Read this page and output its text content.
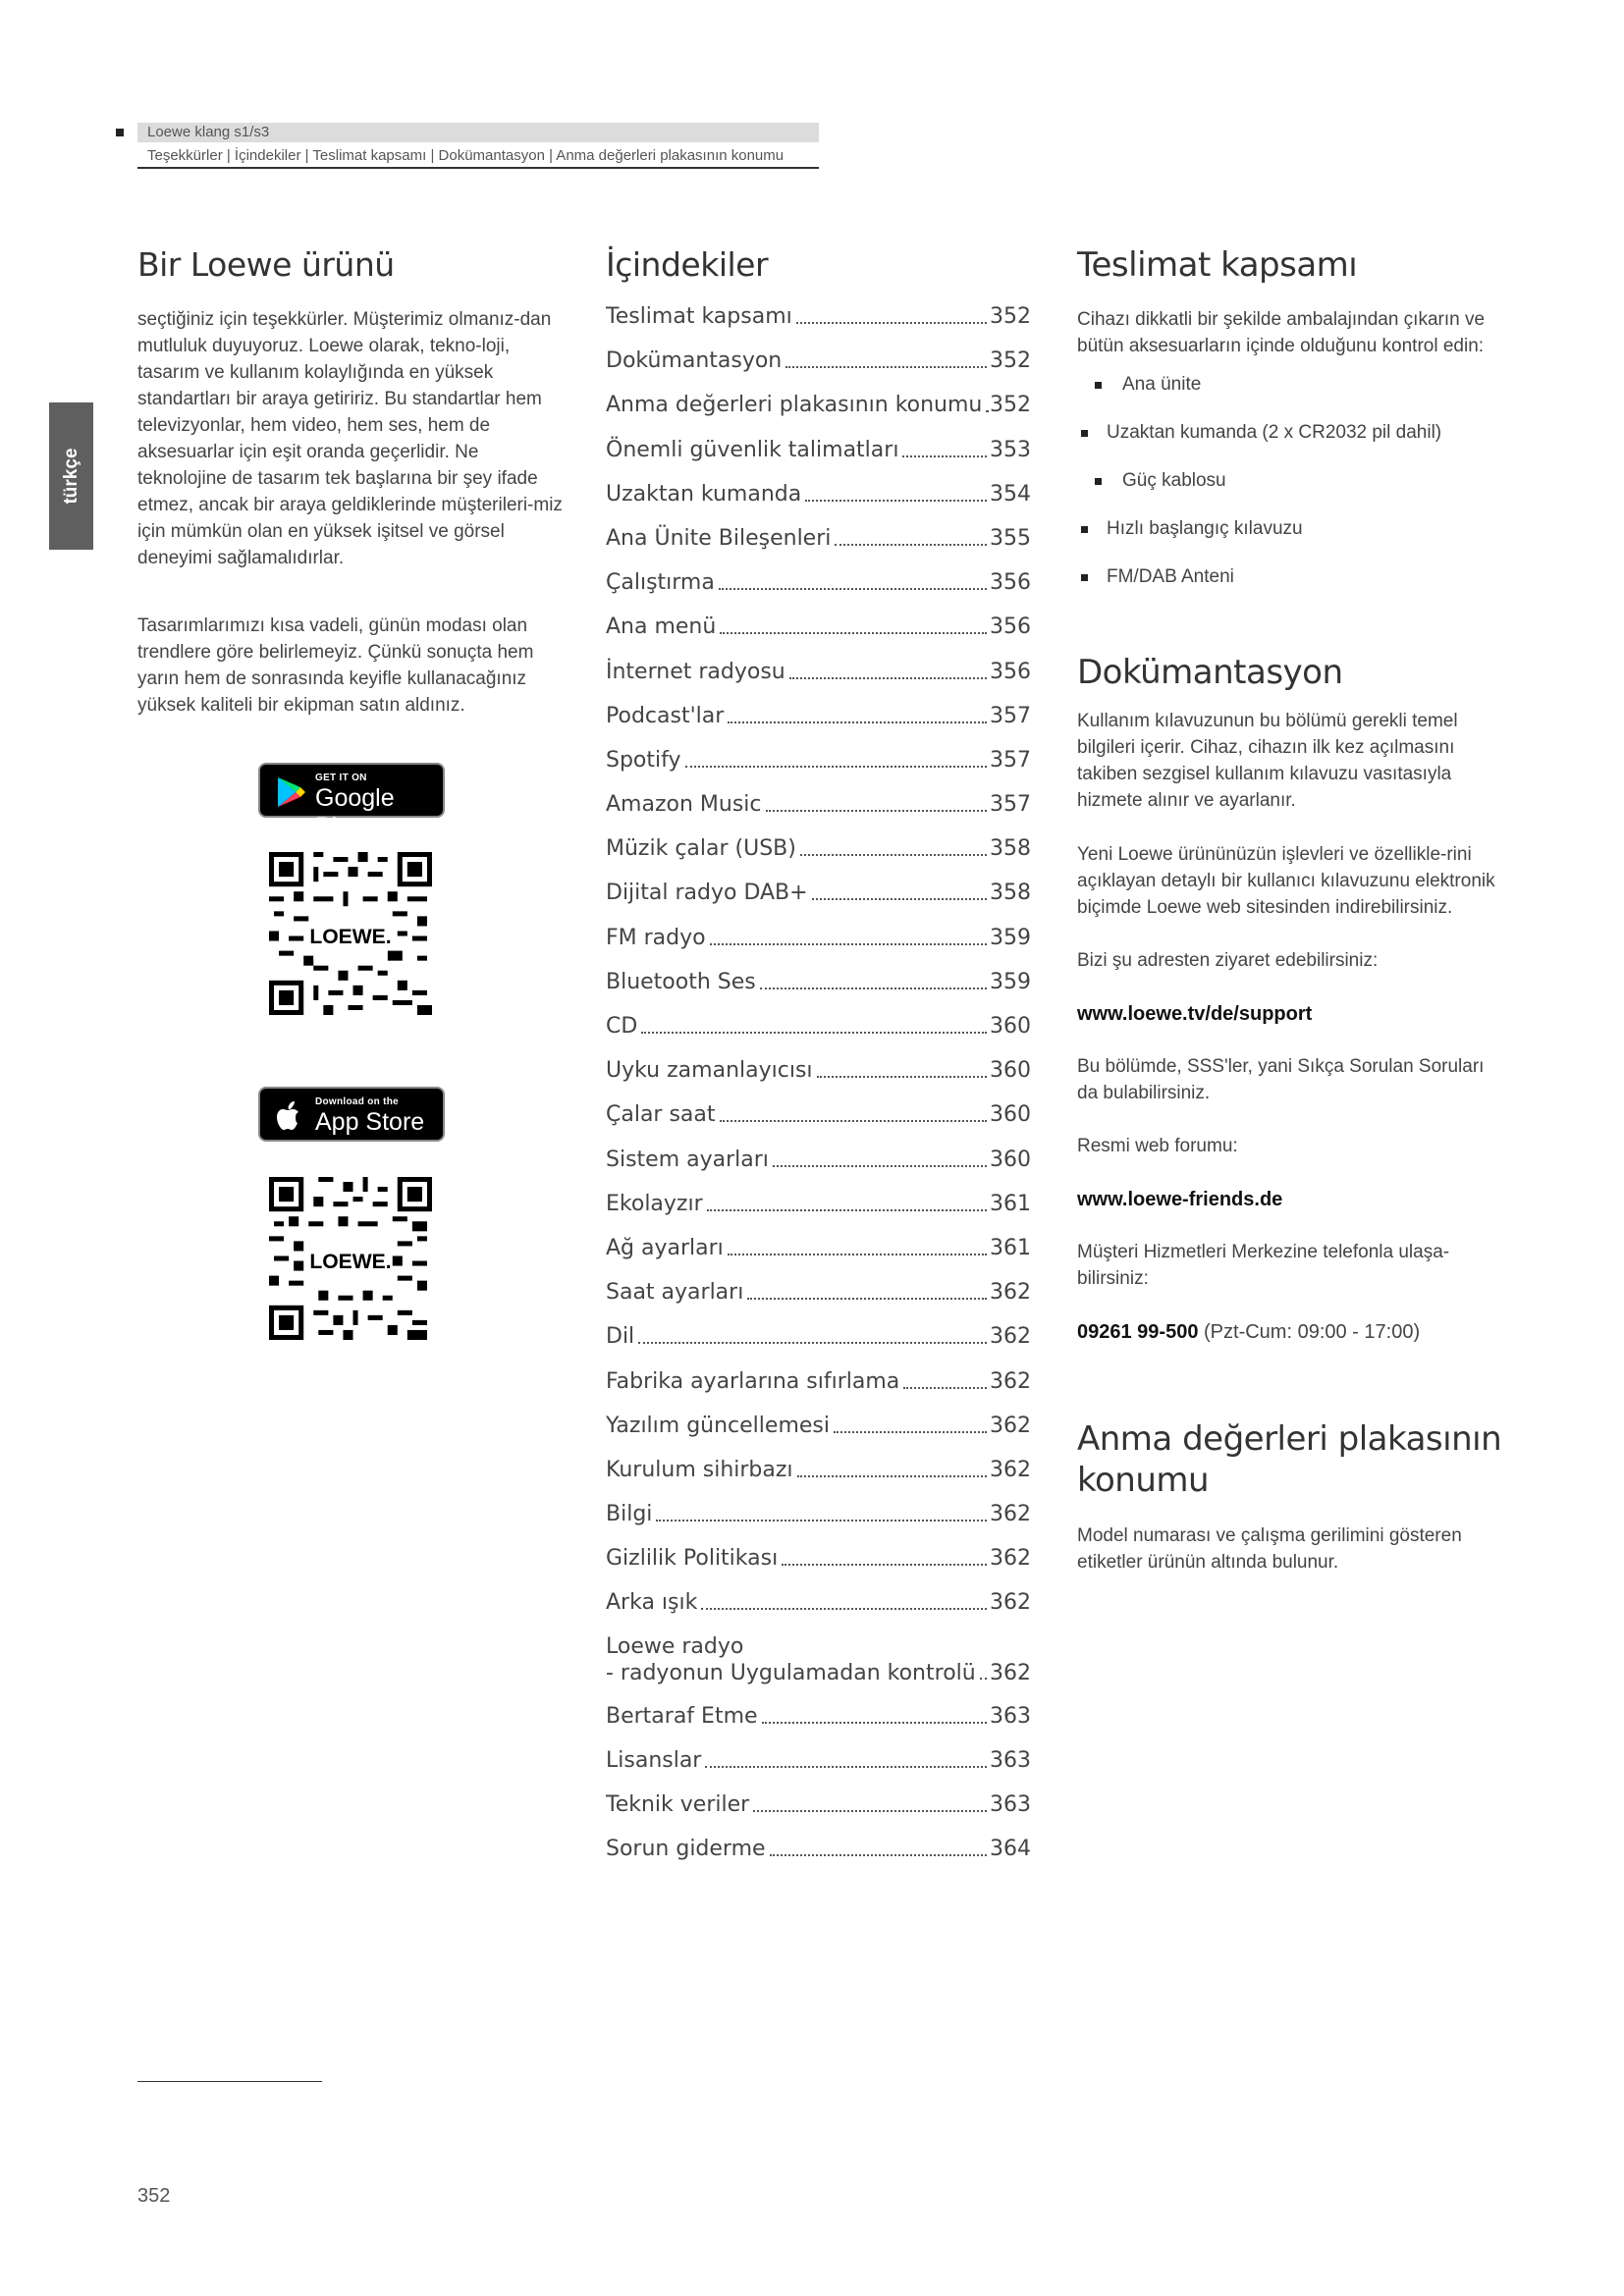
Loewe klang s1/s3
Teşekkürler | İçindekiler | Teslimat kapsamı | Dokümantasyon | Anma değerleri plakasının konumu
türkçe
Bir Loewe ürünü

seçtiğiniz için teşekkürler. Müşterimiz olmanız-dan mutluluk duyuyoruz. Loewe olarak, tekno-loji, tasarım ve kullanım kolaylığında en yüksek standartları bir araya getiririz. Bu standartlar hem televizyonlar, hem video, hem ses, hem de aksesuarlar için eşit oranda geçerlidir. Ne teknolojine de tasarım tek başlarına bir şey ifade etmez, ancak bir araya geldiklerinde müşterileri-miz için mümkün olan en yüksek işitsel ve görsel deneyimi sağlamalıdırlar.

Tasarımlarımızı kısa vadeli, günün modası olan trendlere göre belirlemeyiz. Çünkü sonuçta hem yarın hem de sonrasında keyifle kullanacağınız yüksek kaliteli bir ekipman satın aldınız.

GET IT ON
Google Play
LOEWE.
Download on the
App Store
LOEWE.
İçindekiler
Teslimat kapsamı	352
Dokümantasyon	352
Anma değerleri plakasının konumu 352
Önemli güvenlik talimatları	353
Uzaktan kumanda	354
Ana Ünite Bileşenleri	355
Çalıştırma	356
Ana menü	356
İnternet radyosu	356
Podcast'lar	357
Spotify	357
Amazon Music	357
Müzik çalar (USB)	358
Dijital radyo DAB+	358
FM radyo	359
Bluetooth Ses	359
CD	360
Uyku zamanlayıcısı	360
Çalar saat	360
Sistem ayarları	360
Ekolayzır	361
Ağ ayarları	361
Saat ayarları	362
Dil	362
Fabrika ayarlarına sıfırlama	362
Yazılım güncellemesi	362
Kurulum sihirbazı	362
Bilgi	362
Gizlilik Politikası	362
Arka ışık	362
Loewe radyo
- radyonun Uygulamadan kontrolü 362
Bertaraf Etme	363
Lisanslar	363
Teknik veriler	363
Sorun giderme	364
Teslimat kapsamı

Cihazı dikkatli bir şekilde ambalajından çıkarın ve bütün aksesuarların içinde olduğunu kontrol edin:

Ana ünite
Uzaktan kumanda (2 x CR2032 pil dahil)
Güç kablosu
Hızlı başlangıç kılavuzu
FM/DAB Anteni
Dokümantasyon

Kullanım kılavuzunun bu bölümü gerekli temel bilgileri içerir. Cihaz, cihazın ilk kez açılmasını takiben sezgisel kullanım kılavuzu vasıtasıyla hizmete alınır ve ayarlanır.

Yeni Loewe ürününüzün işlevleri ve özellikle-rini açıklayan detaylı bir kullanıcı kılavuzunu elektronik biçimde Loewe web sitesinden indirebilirsiniz.

Bizi şu adresten ziyaret edebilirsiniz:

www.loewe.tv/de/support

Bu bölümde, SSS'ler, yani Sıkça Sorulan Soruları da bulabilirsiniz.

Resmi web forumu:

www.loewe-friends.de

Müşteri Hizmetleri Merkezine telefonla ulaşa-bilirsiniz:

09261 99-500 (Pzt-Cum: 09:00 - 17:00)

Anma değerleri plakasının konumu

Model numarası ve çalışma gerilimini gösteren etiketler ürünün altında bulunur.

352
